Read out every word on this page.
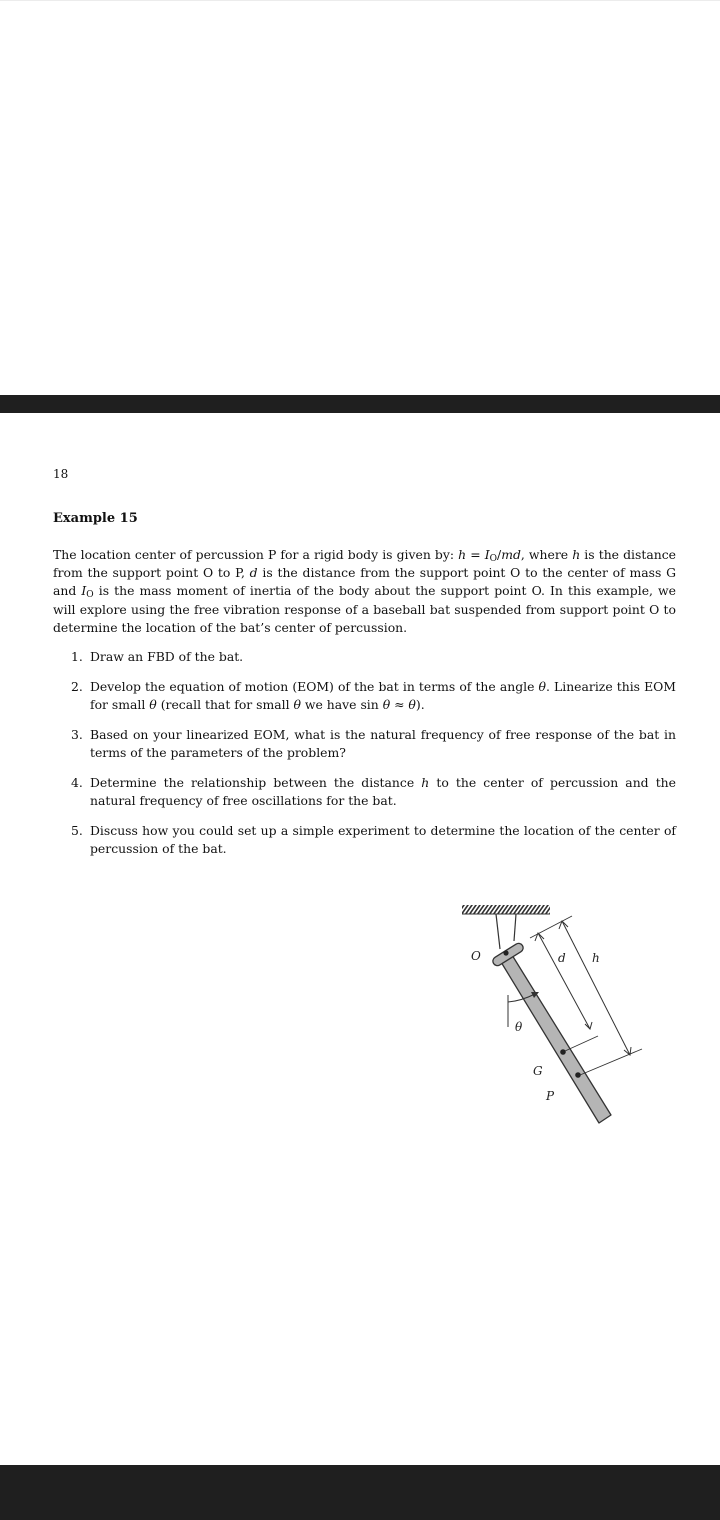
18
Example 15

The location center of percussion P for a rigid body is given by: $h = I_O/md$, where h is the distance from the support point O to P, d is the distance from the support point O to the center of mass G and $I_O$ is the mass moment of inertia of the body about the support point O. In this example, we will explore using the free vibration response of a baseball bat suspended from support point O to determine the location of the bat’s center of percussion.

1. Draw an FBD of the bat.
2. Develop the equation of motion (EOM) of the bat in terms of the angle θ. Linearize this EOM for small θ (recall that for small θ we have sin θ ≈ θ).
3. Based on your linearized EOM, what is the natural frequency of free response of the bat in terms of the parameters of the problem?
4. Determine the relationship between the distance h to the center of percussion and the natural frequency of free oscillations for the bat.
5. Discuss how you could set up a simple experiment to determine the location of the center of percussion of the bat.
O
θ
G
P
d h
